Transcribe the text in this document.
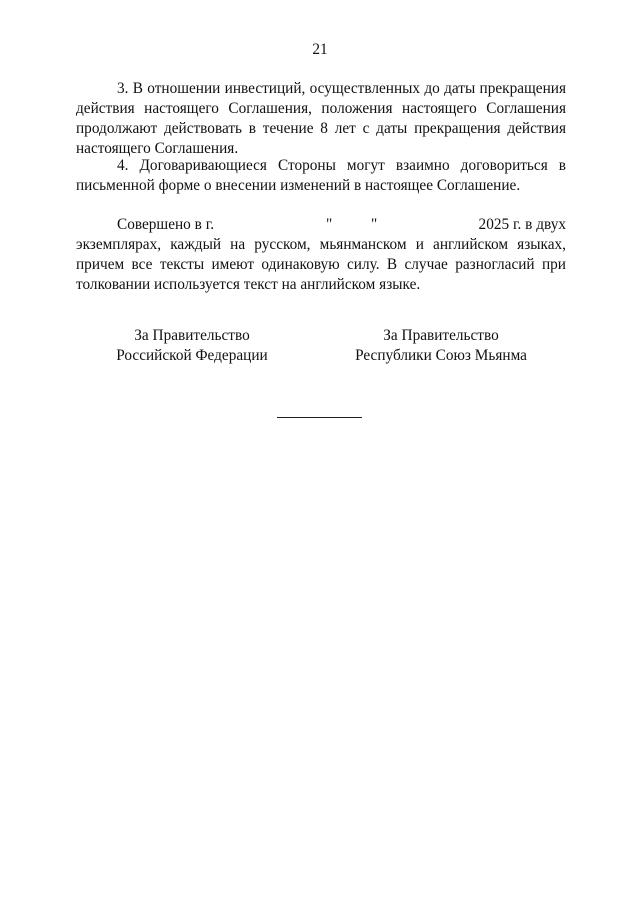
21

3. В отношении инвестиций, осуществленных до даты прекращения действия настоящего Соглашения, положения настоящего Соглашения продолжают действовать в течение 8 лет с даты прекращения действия настоящего Соглашения.

4. Договаривающиеся Стороны могут взаимно договориться в письменной форме о внесении изменений в настоящее Соглашение.

Совершено в г.	"	"	2025 г. в двух

экземплярах, каждый на русском, мьянманском и английском языках, причем все тексты имеют одинаковую силу. В случае разногласий при толковании используется текст на английском языке.

За Правительство
Российской Федерации
За Правительство
Республики Союз Мьянма
